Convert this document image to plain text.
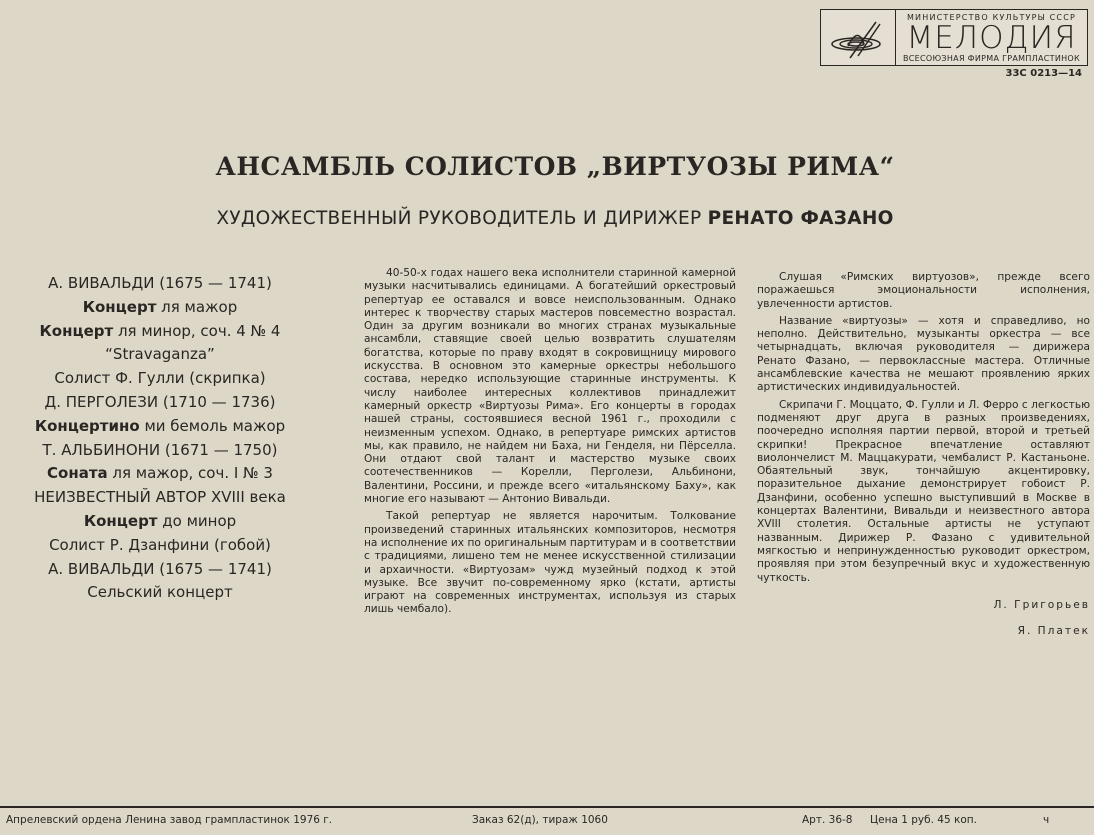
МИНИСТЕРСТВО КУЛЬТУРЫ СССР
МЕЛОДИЯ
ВСЕСОЮЗНАЯ ФИРМА ГРАМПЛАСТИНОК
33С 0213—14
АНСАМБЛЬ СОЛИСТОВ „ВИРТУОЗЫ РИМА“
ХУДОЖЕСТВЕННЫЙ РУКОВОДИТЕЛЬ И ДИРИЖЕР РЕНАТО ФАЗАНО
А. ВИВАЛЬДИ (1675 — 1741)
Концерт ля мажор
Концерт ля минор, соч. 4 № 4
“Stravaganza”
Солист Ф. Гулли (скрипка)
Д. ПЕРГОЛЕЗИ (1710 — 1736)
Концертино ми бемоль мажор
Т. АЛЬБИНОНИ (1671 — 1750)
Соната ля мажор, соч. I № 3
НЕИЗВЕСТНЫЙ АВТОР XVIII века
Концерт до минор
Солист Р. Дзанфини (гобой)
А. ВИВАЛЬДИ (1675 — 1741)
Сельский концерт

40-50-х годах нашего века исполнители старинной камерной музыки насчитывались единицами. А богатейший оркестровый репертуар ее оставался и вовсе неиспользованным. Однако интерес к творчеству старых мастеров повсеместно возрастал. Один за другим возникали во многих странах музыкальные ансамбли, ставящие своей целью возвратить слушателям богатства, которые по праву входят в сокровищницу мирового искусства. В основном это камерные оркестры небольшого состава, нередко использующие старинные инструменты. К числу наиболее интересных коллективов принадлежит камерный оркестр «Виртуозы Рима». Его концерты в городах нашей страны, состоявшиеся весной 1961 г., проходили с неизменным успехом. Однако, в репертуаре римских артистов мы, как правило, не найдем ни Баха, ни Генделя, ни Пёрселла. Они отдают свой талант и мастерство музыке своих соотечественников — Корелли, Перголези, Альбинони, Валентини, Россини, и прежде всего «итальянскому Баху», как многие его называют — Антонио Вивальди.

Такой репертуар не является нарочитым. Толкование произведений старинных итальянских композиторов, несмотря на исполнение их по оригинальным партитурам и в соответствии с традициями, лишено тем не менее искусственной стилизации и архаичности. «Виртуозам» чужд музейный подход к этой музыке. Все звучит по-современному ярко (кстати, артисты играют на современных инструментах, используя из старых лишь чембало).

Слушая «Римских виртуозов», прежде всего поражаешься эмоциональности исполнения, увлеченности артистов.

Название «виртуозы» — хотя и справедливо, но неполно. Действительно, музыканты оркестра — все четырнадцать, включая руководителя — дирижера Ренато Фазано, — первоклассные мастера. Отличные ансамблевские качества не мешают проявлению ярких артистических индивидуальностей.

Скрипачи Г. Моццато, Ф. Гулли и Л. Ферро с легкостью подменяют друг друга в разных произведениях, поочередно исполняя партии первой, второй и третьей скрипки! Прекрасное впечатление оставляют виолончелист М. Маццакурати, чембалист Р. Кастаньоне. Обаятельный звук, тончайшую акцентировку, поразительное дыхание демонстрирует гобоист Р. Дзанфини, особенно успешно выступивший в Москве в концертах Валентини, Вивальди и неизвестного автора XVIII столетия. Остальные артисты не уступают названным. Дирижер Р. Фазано с удивительной мягкостью и непринужденностью руководит оркестром, проявляя при этом безупречный вкус и художественную чуткость.

Л. Григорьев
Я. Платек
Апрелевский ордена Ленина завод грампластинок 1976 г.	Заказ 62(д), тираж 1060	Арт. 36-8 Цена 1 руб. 45 коп.	ч
